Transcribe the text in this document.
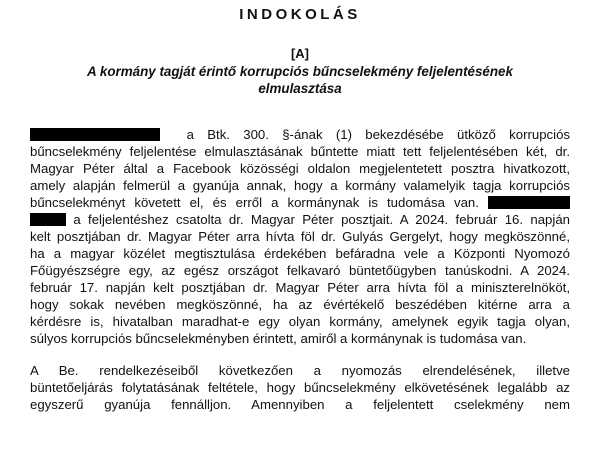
INDOKOLÁS
[A]
A kormány tagját érintő korrupciós bűncselekmény feljelentésének
elmulasztása
a Btk. 300. §-ának (1) bekezdésébe ütköző korrupciós
bűncselekmény feljelentése elmulasztásának bűntette miatt tett feljelentésében két, dr.
Magyar Péter által a Facebook közösségi oldalon megjelentetett posztra hivatkozott,
amely alapján felmerül a gyanúja annak, hogy a kormány valamelyik tagja korrupciós
bűncselekményt követett el, és erről a kormánynak is tudomása van.
a feljelentéshez csatolta dr. Magyar Péter posztjait. A 2024. február 16. napján
kelt posztjában dr. Magyar Péter arra hívta föl dr. Gulyás Gergelyt, hogy megköszönné,
ha a magyar közélet megtisztulása érdekében befáradna vele a Központi Nyomozó
Főügyészségre egy, az egész országot felkavaró büntetőügyben tanúskodni. A 2024.
február 17. napján kelt posztjában dr. Magyar Péter arra hívta föl a miniszterelnököt,
hogy sokak nevében megköszönné, ha az évértékelő beszédében kitérne arra a
kérdésre is, hivatalban maradhat-e egy olyan kormány, amelynek egyik tagja olyan,
súlyos korrupciós bűncselekményben érintett, amiről a kormánynak is tudomása van.
A Be. rendelkezéseiből következően a nyomozás elrendelésének, illetve
büntetőeljárás folytatásának feltétele, hogy bűncselekmény elkövetésének legalább az
egyszerű gyanúja fennálljon. Amennyiben a feljelentett cselekmény nem
